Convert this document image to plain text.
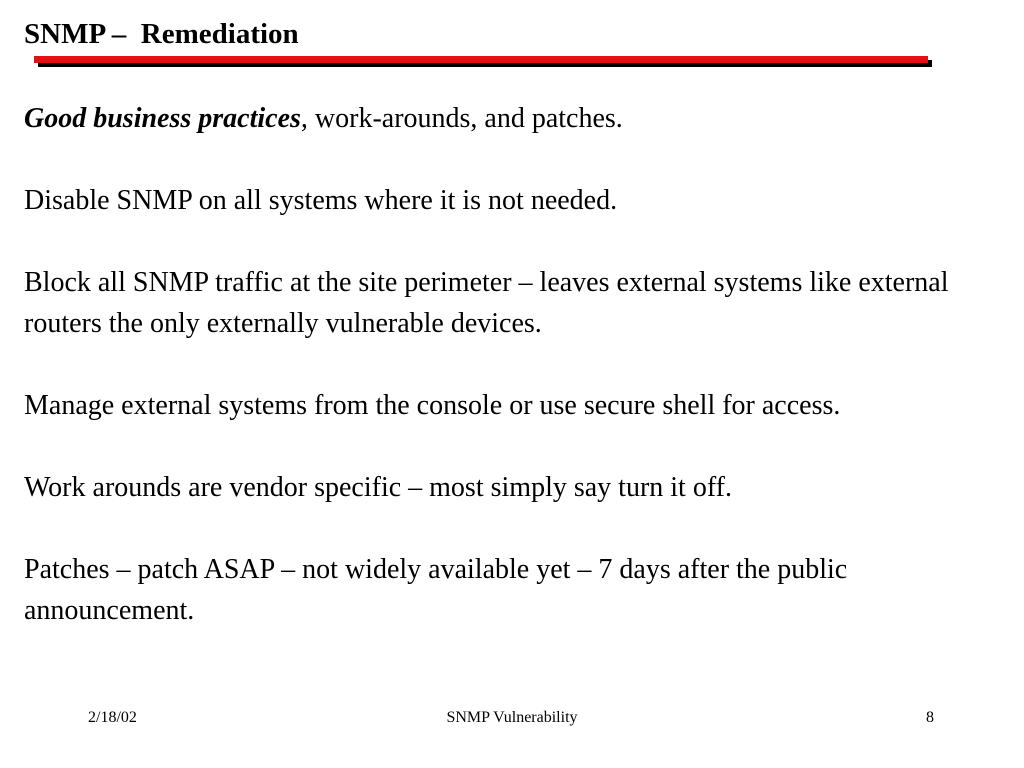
SNMP –  Remediation

Good business practices, work-arounds, and patches.

Disable SNMP on all systems where it is not needed.

Block all SNMP traffic at the site perimeter – leaves external systems like external routers the only externally vulnerable devices.

Manage external systems from the console or use secure shell for access.

Work arounds are vendor specific – most simply say turn it off.

Patches – patch ASAP – not widely available yet – 7 days after the public announcement.

2/18/02	SNMP Vulnerability	8
